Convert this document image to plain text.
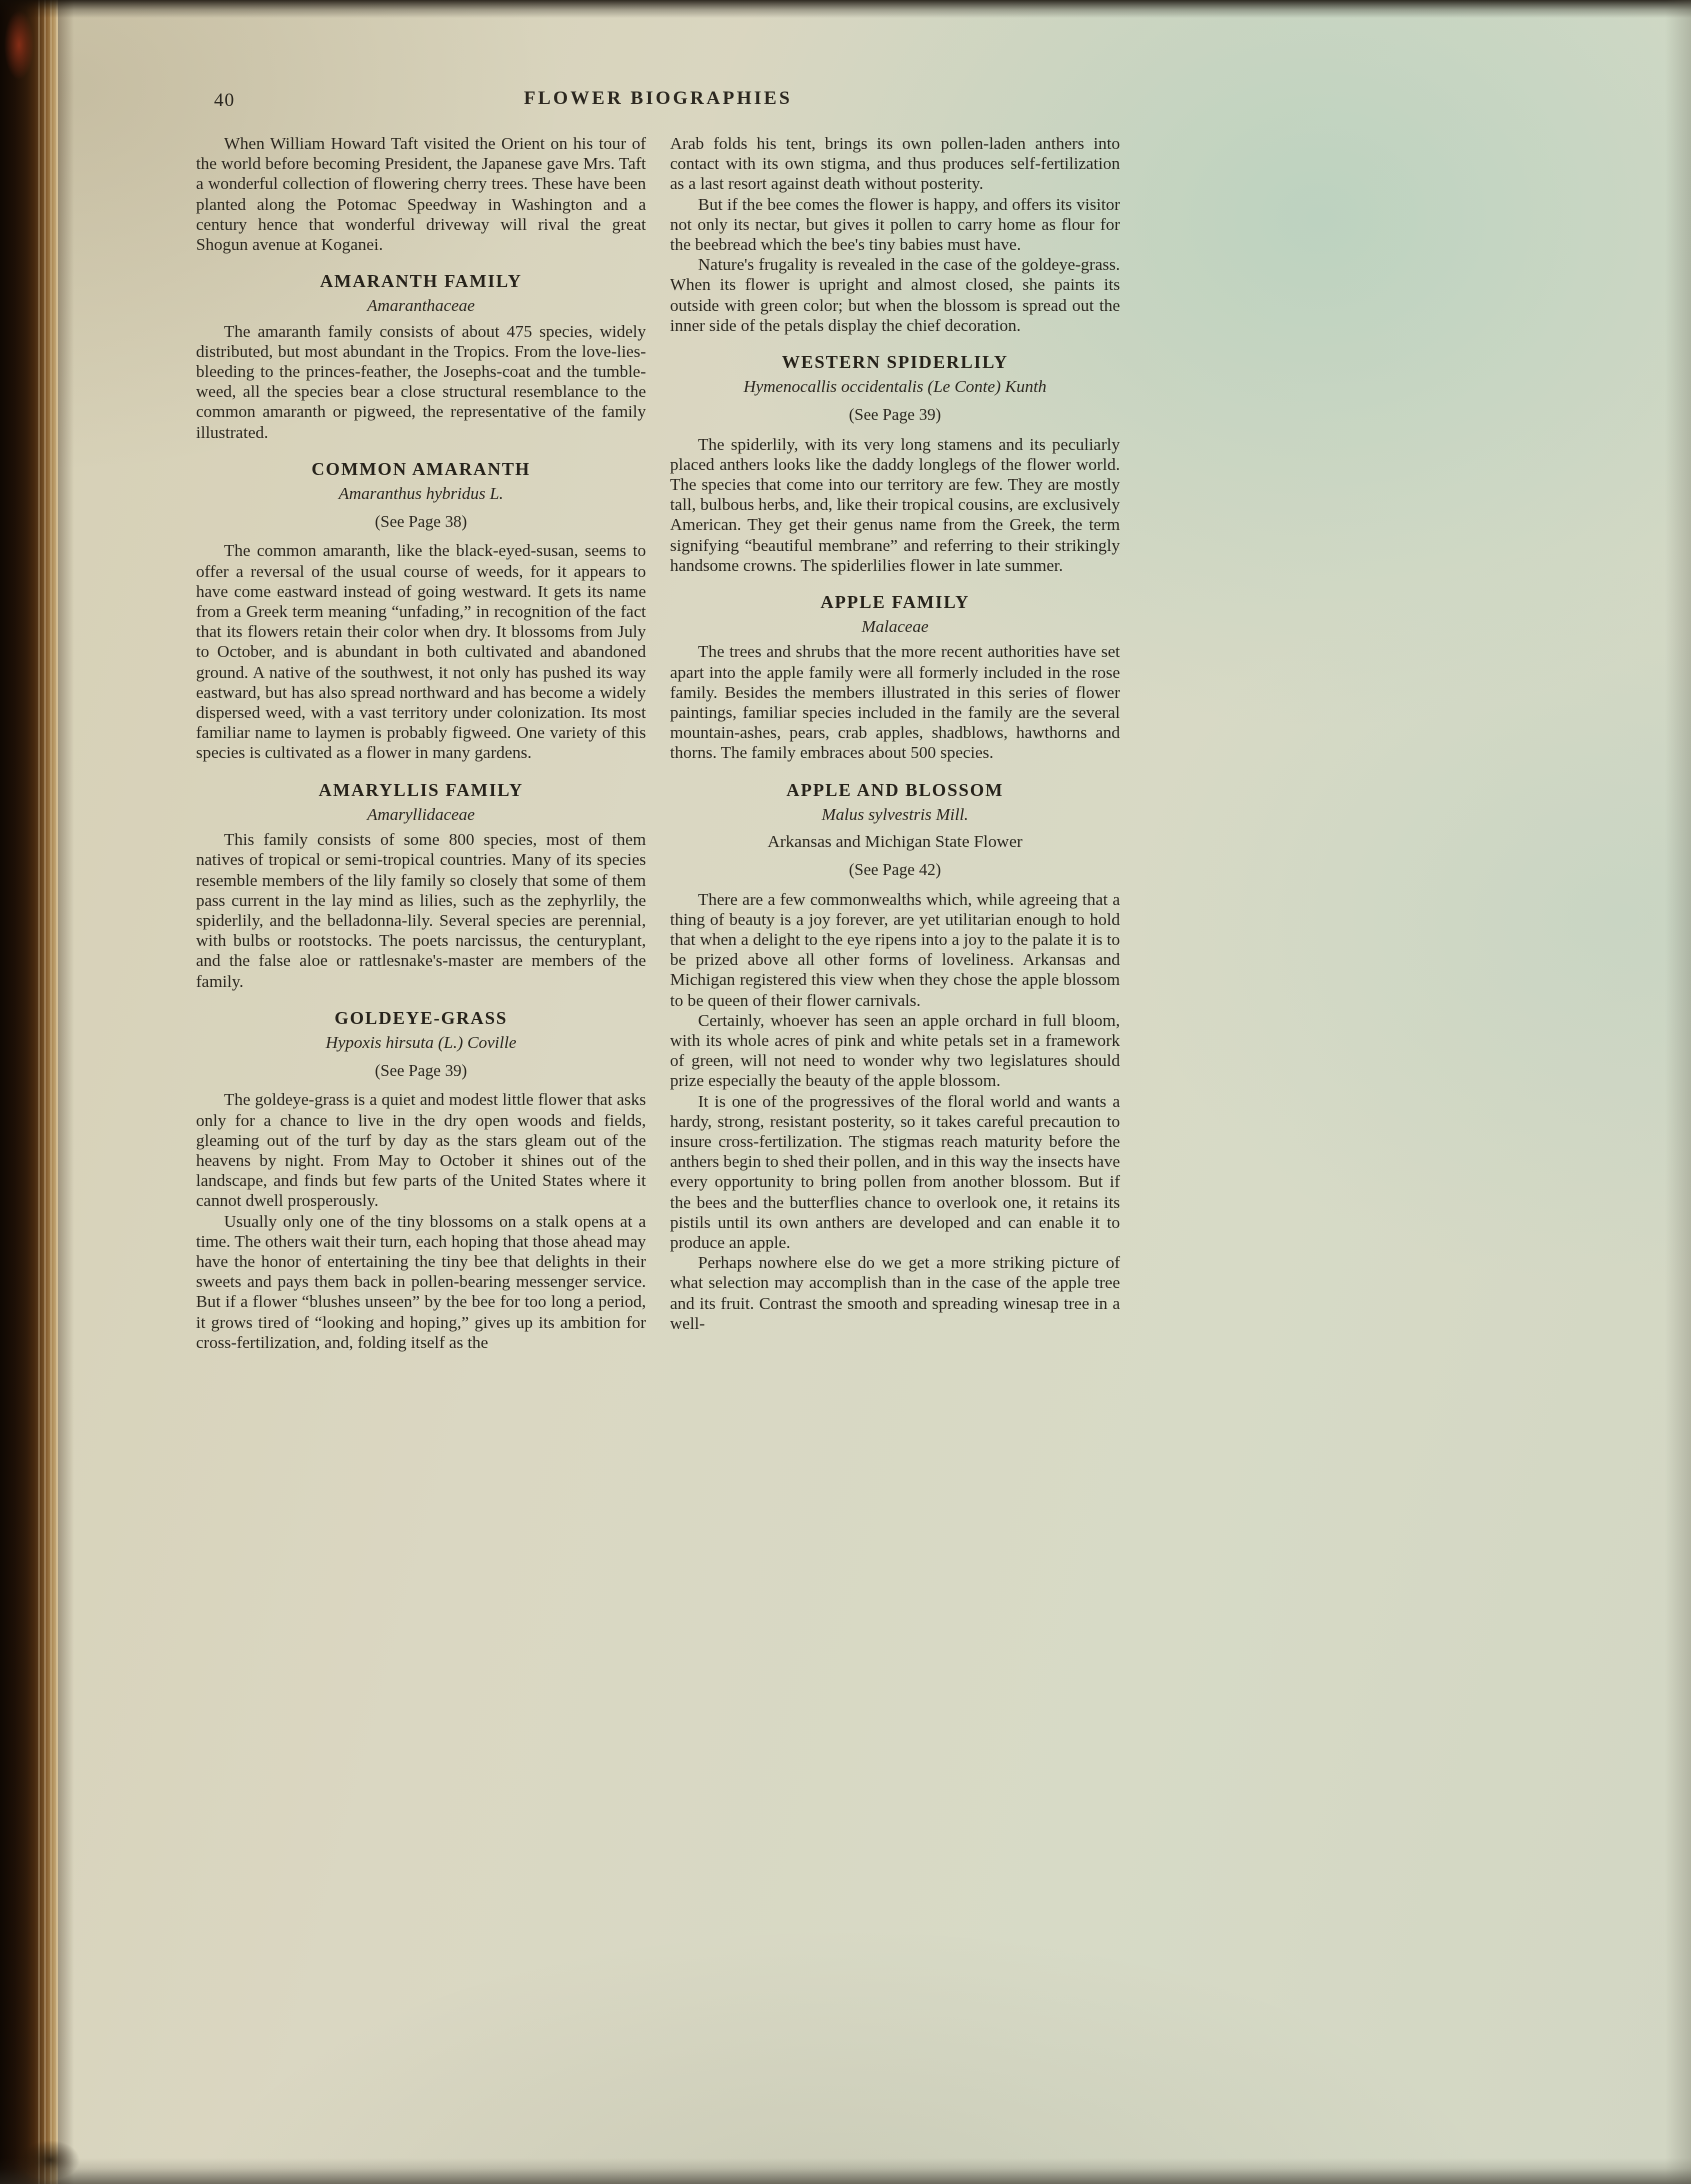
40	FLOWER BIOGRAPHIES

When William Howard Taft visited the Orient on his tour of the world before becoming President, the Japanese gave Mrs. Taft a wonderful collection of flowering cherry trees. These have been planted along the Potomac Speedway in Washington and a century hence that wonderful driveway will rival the great Shogun avenue at Koganei.

AMARANTH FAMILY
Amaranthaceae

The amaranth family consists of about 475 species, widely distributed, but most abundant in the Tropics. From the love-lies-bleeding to the princes-feather, the Josephs-coat and the tumble-weed, all the species bear a close structural resemblance to the common amaranth or pigweed, the representative of the family illustrated.

COMMON AMARANTH
Amaranthus hybridus L.
(See Page 38)

The common amaranth, like the black-eyed-susan, seems to offer a reversal of the usual course of weeds, for it appears to have come eastward instead of going westward. It gets its name from a Greek term meaning “unfading,” in recognition of the fact that its flowers retain their color when dry. It blossoms from July to October, and is abundant in both cultivated and abandoned ground. A native of the southwest, it not only has pushed its way eastward, but has also spread northward and has become a widely dispersed weed, with a vast territory under colonization. Its most familiar name to laymen is probably figweed. One variety of this species is cultivated as a flower in many gardens.

AMARYLLIS FAMILY
Amaryllidaceae

This family consists of some 800 species, most of them natives of tropical or semi-tropical countries. Many of its species resemble members of the lily family so closely that some of them pass current in the lay mind as lilies, such as the zephyrlily, the spiderlily, and the belladonna-lily. Several species are perennial, with bulbs or rootstocks. The poets narcissus, the centuryplant, and the false aloe or rattlesnake's-master are members of the family.

GOLDEYE-GRASS
Hypoxis hirsuta (L.) Coville
(See Page 39)

The goldeye-grass is a quiet and modest little flower that asks only for a chance to live in the dry open woods and fields, gleaming out of the turf by day as the stars gleam out of the heavens by night. From May to October it shines out of the landscape, and finds but few parts of the United States where it cannot dwell prosperously.

Usually only one of the tiny blossoms on a stalk opens at a time. The others wait their turn, each hoping that those ahead may have the honor of entertaining the tiny bee that delights in their sweets and pays them back in pollen-bearing messenger service. But if a flower “blushes unseen” by the bee for too long a period, it grows tired of “looking and hoping,” gives up its ambition for cross-fertilization, and, folding itself as the

Arab folds his tent, brings its own pollen-laden anthers into contact with its own stigma, and thus produces self-fertilization as a last resort against death without posterity.

But if the bee comes the flower is happy, and offers its visitor not only its nectar, but gives it pollen to carry home as flour for the beebread which the bee's tiny babies must have.

Nature's frugality is revealed in the case of the goldeye-grass. When its flower is upright and almost closed, she paints its outside with green color; but when the blossom is spread out the inner side of the petals display the chief decoration.

WESTERN SPIDERLILY
Hymenocallis occidentalis (Le Conte) Kunth
(See Page 39)

The spiderlily, with its very long stamens and its peculiarly placed anthers looks like the daddy longlegs of the flower world. The species that come into our territory are few. They are mostly tall, bulbous herbs, and, like their tropical cousins, are exclusively American. They get their genus name from the Greek, the term signifying “beautiful membrane” and referring to their strikingly handsome crowns. The spiderlilies flower in late summer.

APPLE FAMILY
Malaceae

The trees and shrubs that the more recent authorities have set apart into the apple family were all formerly included in the rose family. Besides the members illustrated in this series of flower paintings, familiar species included in the family are the several mountain-ashes, pears, crab apples, shadblows, hawthorns and thorns. The family embraces about 500 species.

APPLE AND BLOSSOM
Malus sylvestris Mill.
Arkansas and Michigan State Flower
(See Page 42)

There are a few commonwealths which, while agreeing that a thing of beauty is a joy forever, are yet utilitarian enough to hold that when a delight to the eye ripens into a joy to the palate it is to be prized above all other forms of loveliness. Arkansas and Michigan registered this view when they chose the apple blossom to be queen of their flower carnivals.

Certainly, whoever has seen an apple orchard in full bloom, with its whole acres of pink and white petals set in a framework of green, will not need to wonder why two legislatures should prize especially the beauty of the apple blossom.

It is one of the progressives of the floral world and wants a hardy, strong, resistant posterity, so it takes careful precaution to insure cross-fertilization. The stigmas reach maturity before the anthers begin to shed their pollen, and in this way the insects have every opportunity to bring pollen from another blossom. But if the bees and the butterflies chance to overlook one, it retains its pistils until its own anthers are developed and can enable it to produce an apple.

Perhaps nowhere else do we get a more striking picture of what selection may accomplish than in the case of the apple tree and its fruit. Contrast the smooth and spreading winesap tree in a well-
